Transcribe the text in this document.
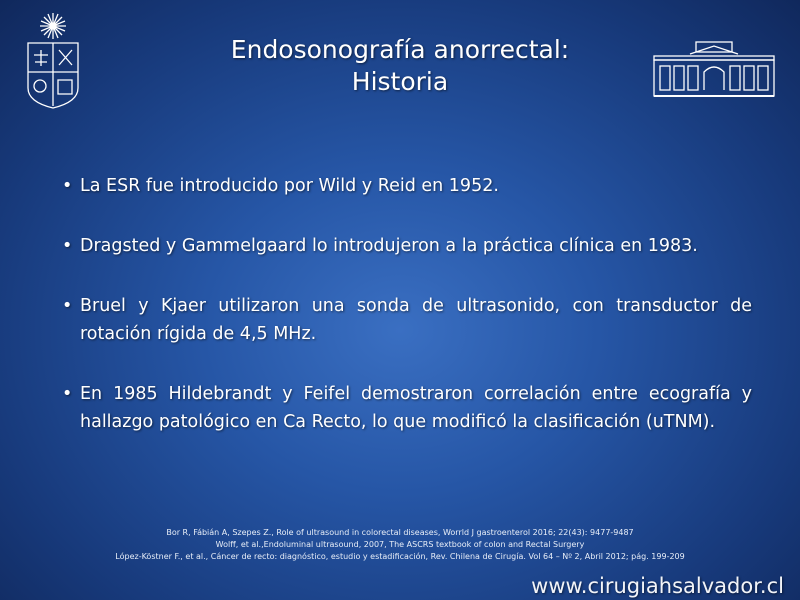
Endosonografía anorrectal:
Historia
• La ESR fue introducido por Wild y Reid en 1952.
• Dragsted y Gammelgaard lo introdujeron a la práctica clínica en 1983.
• Bruel y Kjaer utilizaron una sonda de ultrasonido, con transductor de rotación rígida de 4,5 MHz.
• En 1985 Hildebrandt y Feifel demostraron correlación entre ecografía y hallazgo patológico en Ca Recto, lo que modificó la clasificación (uTNM).
Bor R, Fábián A, Szepes Z., Role of ultrasound in colorectal diseases, Worrld J gastroenterol 2016; 22(43): 9477-9487
Wolff, et al.,Endoluminal ultrasound, 2007, The ASCRS textbook of colon and Rectal Surgery
López-Köstner F., et al., Cáncer de recto: diagnóstico, estudio y estadificación, Rev. Chilena de Cirugía. Vol 64 – Nº 2, Abril 2012; pág. 199-209
www.cirugiahsalvador.cl
